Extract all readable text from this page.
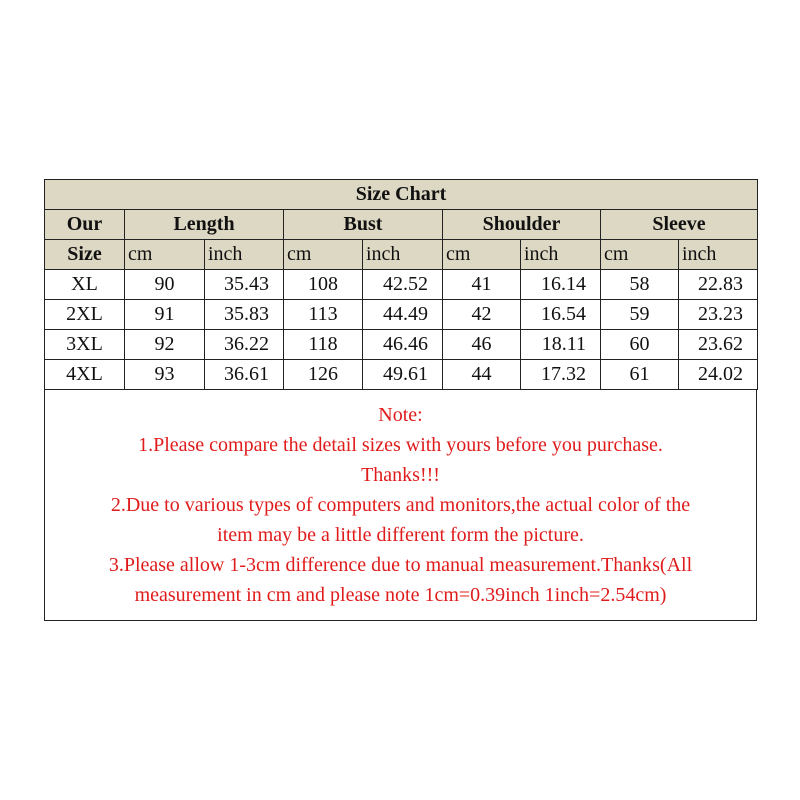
Size Chart								
Our	Length		Bust		Shoulder		Sleeve	
Size	cm	inch	cm	inch	cm	inch	cm	inch
XL	90	35.43	108	42.52	41	16.14	58	22.83
2XL	91	35.83	113	44.49	42	16.54	59	23.23
3XL	92	36.22	118	46.46	46	18.11	60	23.62
4XL	93	36.61	126	49.61	44	17.32	61	24.02
Note:
1.Please compare the detail sizes with yours before you purchase.
Thanks!!!
2.Due to various types of computers and monitors,the actual color of the
item may be a little different form the picture.
3.Please allow 1-3cm difference due to manual measurement.Thanks(All
measurement in cm and please note 1cm=0.39inch 1inch=2.54cm)
